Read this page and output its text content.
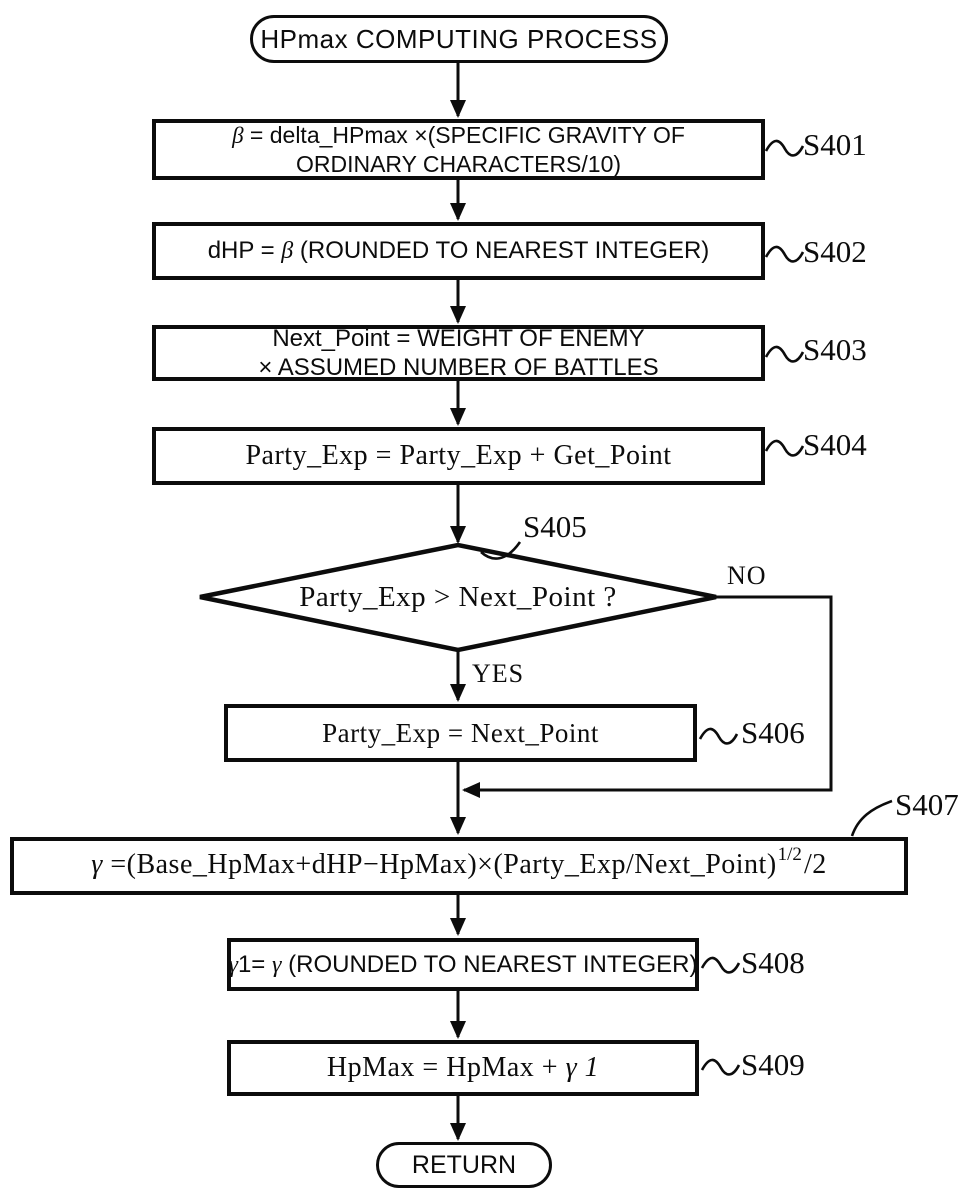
HPmax COMPUTING PROCESS
β = delta_HPmax ×(SPECIFIC GRAVITY OF
ORDINARY CHARACTERS/10)
S401
dHP = β (ROUNDED TO NEAREST INTEGER)	S402
Next_Point = WEIGHT OF ENEMY
× ASSUMED NUMBER OF BATTLES
S403
Party_Exp = Party_Exp + Get_Point	S404
Party_Exp > Next_Point ?
S405
NO
YES
Party_Exp = Next_Point	S406
γ =(Base_HpMax+dHP−HpMax)×(Party_Exp/Next_Point) 1/2 /2
S407
γ 1= γ (ROUNDED TO NEAREST INTEGER) S408
HpMax = HpMax + γ 1	S409
RETURN
